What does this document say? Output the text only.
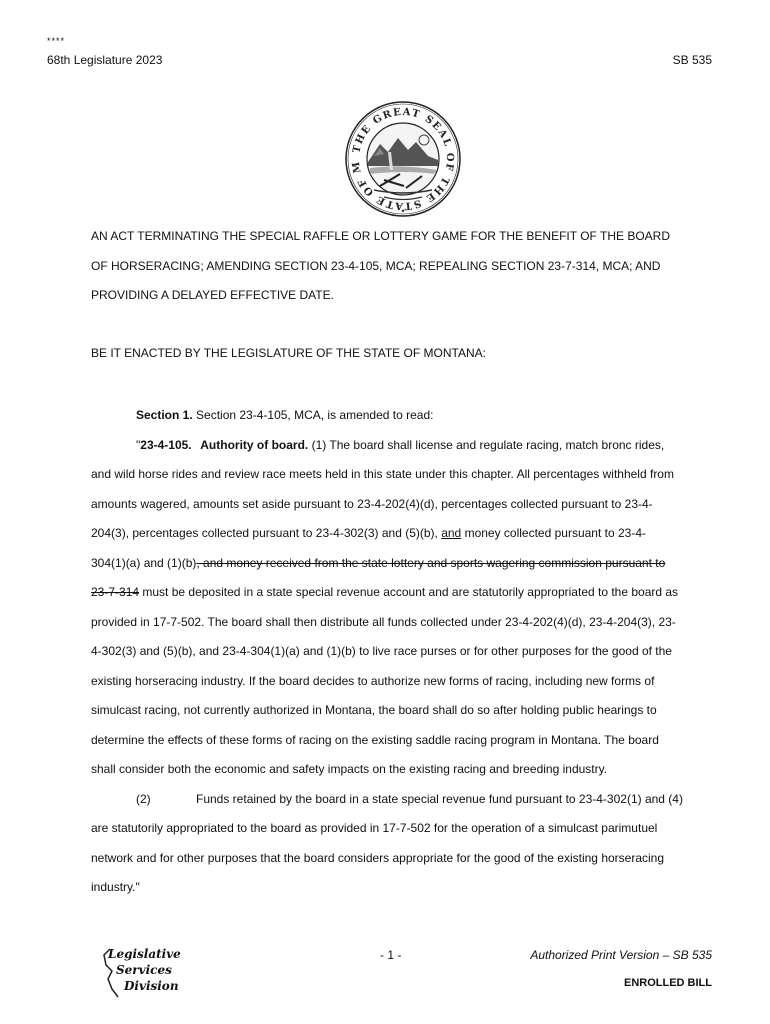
****
68th Legislature 2023	SB 535
THE GREAT SEAL OF THE STATE OF M
✦
AN ACT TERMINATING THE SPECIAL RAFFLE OR LOTTERY GAME FOR THE BENEFIT OF THE BOARD
OF HORSERACING; AMENDING SECTION 23-4-105, MCA; REPEALING SECTION 23-7-314, MCA; AND
PROVIDING A DELAYED EFFECTIVE DATE.
BE IT ENACTED BY THE LEGISLATURE OF THE STATE OF MONTANA:
Section 1. Section 23-4-105, MCA, is amended to read:
"23-4-105. Authority of board. (1) The board shall license and regulate racing, match bronc rides,
and wild horse rides and review race meets held in this state under this chapter. All percentages withheld from
amounts wagered, amounts set aside pursuant to 23-4-202(4)(d), percentages collected pursuant to 23-4-
204(3), percentages collected pursuant to 23-4-302(3) and (5)(b), and money collected pursuant to 23-4-
304(1)(a) and (1)(b), and money received from the state lottery and sports wagering commission pursuant to
23-7-314 must be deposited in a state special revenue account and are statutorily appropriated to the board as
provided in 17-7-502. The board shall then distribute all funds collected under 23-4-202(4)(d), 23-4-204(3), 23-
4-302(3) and (5)(b), and 23-4-304(1)(a) and (1)(b) to live race purses or for other purposes for the good of the
existing horseracing industry. If the board decides to authorize new forms of racing, including new forms of
simulcast racing, not currently authorized in Montana, the board shall do so after holding public hearings to
determine the effects of these forms of racing on the existing saddle racing program in Montana. The board
shall consider both the economic and safety impacts on the existing racing and breeding industry.
(2)	Funds retained by the board in a state special revenue fund pursuant to 23-4-302(1) and (4)
are statutorily appropriated to the board as provided in 17-7-502 for the operation of a simulcast parimutuel
network and for other purposes that the board considers appropriate for the good of the existing horseracing
industry."
Legislative
Services
Division
- 1 -	Authorized Print Version – SB 535
ENROLLED BILL
